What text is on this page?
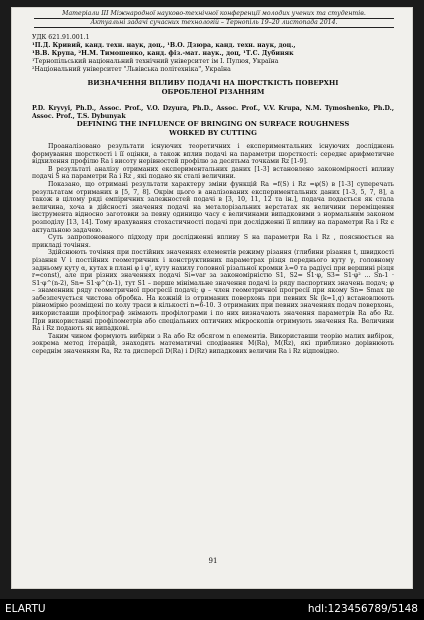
Матеріали III Міжнародної науково-технічної конференції молодих учених та студентів.
Актуальні задачі сучасних технологій – Тернопіль 19–20 листопада 2014.
УДК 621.91.001.1
¹П.Д. Кривий, канд. техн. наук, доц., ¹В.О. Дзюра, канд. техн. наук, доц.,
¹В.В. Крупа, ²Н.М. Тимошенко, канд. фіз.-мат. наук., доц, ¹Т.С. Дубиняк
¹Тернопільський національний технічний університет ім І. Пулюя, Україна
²Національний університет "Львівська політехніка", Україна
ВИЗНАЧЕННЯ ВПЛИВУ ПОДАЧІ НА ШОРСТКІСТЬ ПОВЕРХНІ ОБРОБЛЕНОЇ РІЗАННЯМ
P.D. Kryvyi, Ph.D., Assoc. Prof., V.O. Dzyura, Ph.D., Assoc. Prof., V.V. Krupa, N.M. Tymoshenko, Ph.D., Assoc. Prof., T.S. Dybunyak
DEFINING THE INFLUENCE OF BRINGING ON SURFACE ROUGHNESS WORKED BY CUTTING

Проаналізовано результати існуючих теоретичних і експериментальних існуючих досліджень формування шорсткості і її оцінки, а також вплив подачі на параметри шорсткості: середнє арифметичне відхилення профілю Ra і висоту нерівностей профілю за десятьма точками Rz [1-9].

В результаті аналізу отриманих експериментальних даних [1-3] встановлено закономірності впливу подачі S на параметри Ra і Rz , які подано як сталі величини.

Показано, що отримані результати характеру зміни функцій Ra =f(S) і Rz =φ(S) в [1-3] суперечать результатам отриманих в [5, 7, 8]. Окрім цього в аналізованих експериментальних даних [1-3, 5, 7, 8], а також в цілому ряді емпіричних залежностей подачі в [3, 10, 11, 12 та ін.], подача подається як стала величина, хоча в дійсності значення подачі на металорізальних верстатах як величини переміщення інструмента відносно заготовки за певну одиницю часу є величинами випадковими з нормальним законом розподілу [13, 14]. Тому врахування стохастичності подачі при дослідженні її впливу на параметри Ra і Rz є актуальною задачею.

Суть запропонованого підходу при дослідженні впливу S на параметри Ra і Rz , пояснюється на прикладі точіння.

Здійснюють точіння при постійних значеннях елементів режиму різання (глибини різання t, швидкості різання V і постійних геометричних і конструктивних параметрах різця переднього куту γ, головному задньому куту α, кутах в плані φ і φ', куту нахилу головної різальної кромки λ=0 та радіусі при вершині різця r=const), але при різних значеннях подачі Si=var за закономірністю S1, S2= S1·φ, S3= S1·φ² ... Sn-1 · S1·φ^(n-2), Sn= S1·φ^(n-1), тут S1 – перше мінімальне значення подачі із ряду паспортних значень подач; φ – знаменник ряду геометричної прогресії подачі; φ – член геометричної прогресії при якому Sn= Smax це забезпечується чистова обробка. На кожній із отриманих поверхонь при певних Sk (k=1,q) встановлюють рівномірно розміщені по колу траси в кількості n=6-10. З отриманих при певних значеннях подач поверхонь, використавши профілограф знімають профілограми і по них визначають значення параметрів Ra або Rz. При використанні профілометрів або спеціальних оптичних мікроскопів отримують значення Ra. Величини Ra і Rz подають як випадкові.

Таким чином формують вибірки з Ra або Rz обсягом n елементів. Використавши теорію малих вибірок, зокрема метод ітерацій, знаходять математичні сподівання M(Ra), M(Rz), які приблизно дорівнюють середнім значенням Ra, Rz та дисперсії D(Ra) і D(Rz) випадкових величин Ra і Rz відповідно.

91
ELARTU	hdl:123456789/5148
